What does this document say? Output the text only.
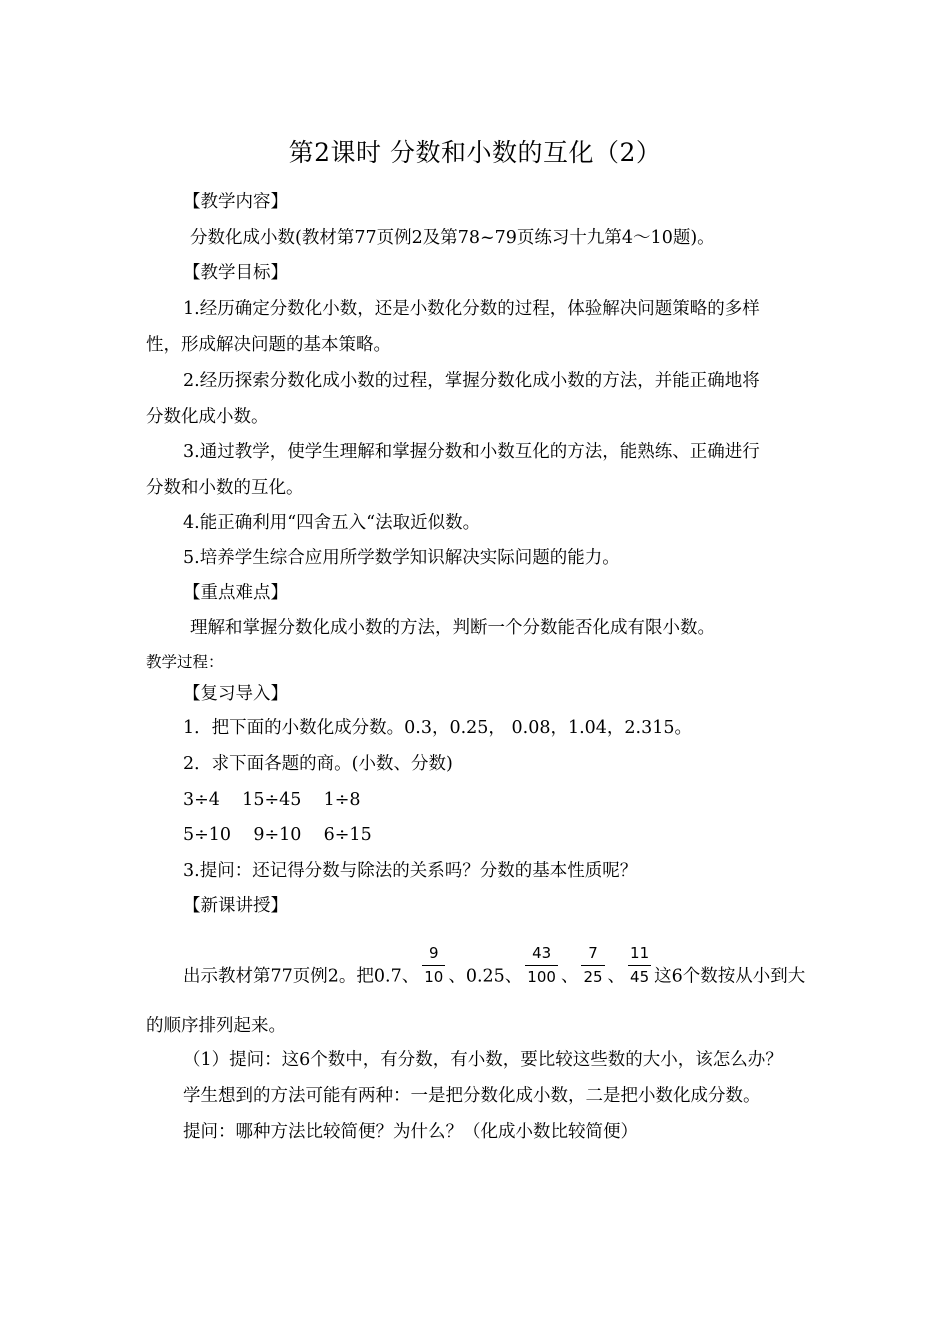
第2课时 分数和小数的互化（2）
【教学内容】
分数化成小数(教材第77页例2及第78~79页练习十九第4～10题)。
【教学目标】
1.经历确定分数化小数，还是小数化分数的过程，体验解决问题策略的多样
性，形成解决问题的基本策略。
2.经历探索分数化成小数的过程，掌握分数化成小数的方法，并能正确地将
分数化成小数。
3.通过教学，使学生理解和掌握分数和小数互化的方法，能熟练、正确进行
分数和小数的互化。
4.能正确利用“四舍五入“法取近似数。
5.培养学生综合应用所学数学知识解决实际问题的能力。
【重点难点】
理解和掌握分数化成小数的方法，判断一个分数能否化成有限小数。
教学过程：
【复习导入】
1．把下面的小数化成分数。0.3，0.25， 0.08，1.04，2.315。
2．求下面各题的商。(小数、分数)
3÷4    15÷45    1÷8
5÷10    9÷10    6÷15
3.提问：还记得分数与除法的关系吗？分数的基本性质呢？
【新课讲授】
出示教材第77页例2。把0.7、 $\frac{9}{10}$ 、0.25、 $\frac{43}{100}$ 、 $\frac{7}{25}$ 、 $\frac{11}{45}$ 这6个数按从小到大
的顺序排列起来。
（1）提问：这6个数中，有分数，有小数，要比较这些数的大小，该怎么办？
学生想到的方法可能有两种：一是把分数化成小数，二是把小数化成分数。
提问：哪种方法比较简便？为什么？（化成小数比较简便）
